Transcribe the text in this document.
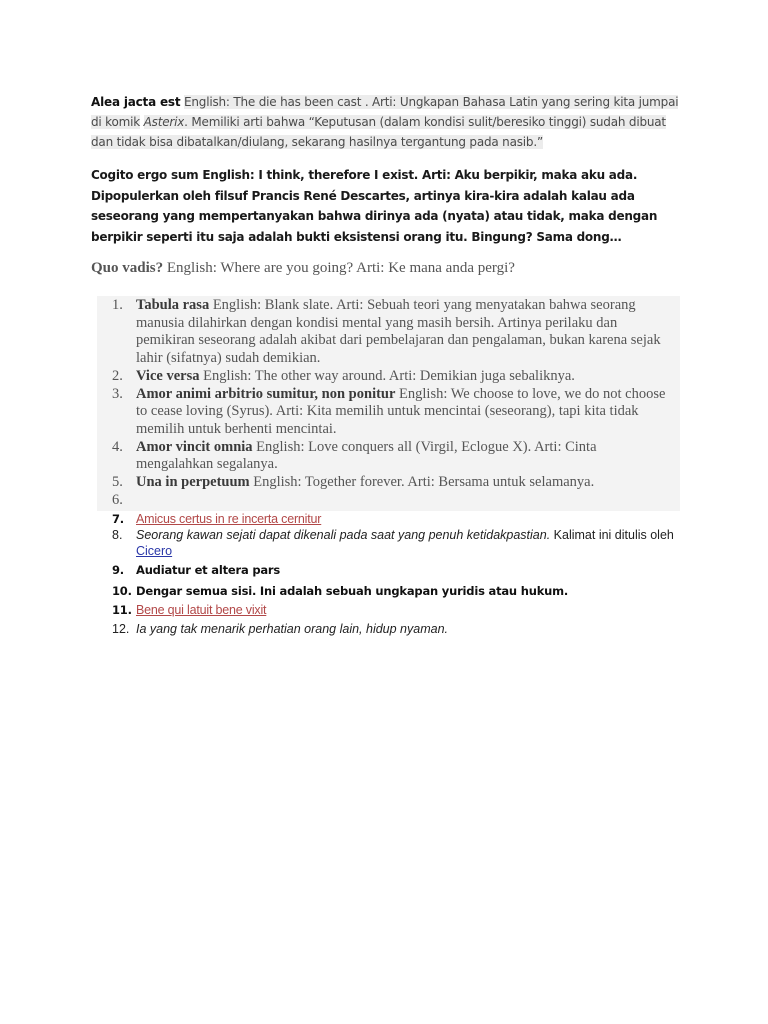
Alea jacta est English: The die has been cast . Arti: Ungkapan Bahasa Latin yang sering kita jumpai di komik Asterix. Memiliki arti bahwa “Keputusan (dalam kondisi sulit/beresiko tinggi) sudah dibuat dan tidak bisa dibatalkan/diulang, sekarang hasilnya tergantung pada nasib.”

Cogito ergo sum English: I think, therefore I exist. Arti: Aku berpikir, maka aku ada. Dipopulerkan oleh filsuf Prancis René Descartes, artinya kira-kira adalah kalau ada seseorang yang mempertanyakan bahwa dirinya ada (nyata) atau tidak, maka dengan berpikir seperti itu saja adalah bukti eksistensi orang itu. Bingung? Sama dong…

Quo vadis? English: Where are you going? Arti: Ke mana anda pergi?

1. Tabula rasa English: Blank slate. Arti: Sebuah teori yang menyatakan bahwa seorang manusia dilahirkan dengan kondisi mental yang masih bersih. Artinya perilaku dan pemikiran seseorang adalah akibat dari pembelajaran dan pengalaman, bukan karena sejak lahir (sifatnya) sudah demikian.
2. Vice versa English: The other way around. Arti: Demikian juga sebaliknya.
3. Amor animi arbitrio sumitur, non ponitur English: We choose to love, we do not choose to cease loving (Syrus). Arti: Kita memilih untuk mencintai (seseorang), tapi kita tidak memilih untuk berhenti mencintai.
4. Amor vincit omnia English: Love conquers all (Virgil, Eclogue X). Arti: Cinta mengalahkan segalanya.
5. Una in perpetuum English: Together forever. Arti: Bersama untuk selamanya.
6.
7. Amicus certus in re incerta cernitur
8. Seorang kawan sejati dapat dikenali pada saat yang penuh ketidakpastian. Kalimat ini ditulis oleh Cicero
9. Audiatur et altera pars
10. Dengar semua sisi. Ini adalah sebuah ungkapan yuridis atau hukum.
11. Bene qui latuit bene vixit
12. Ia yang tak menarik perhatian orang lain, hidup nyaman.
